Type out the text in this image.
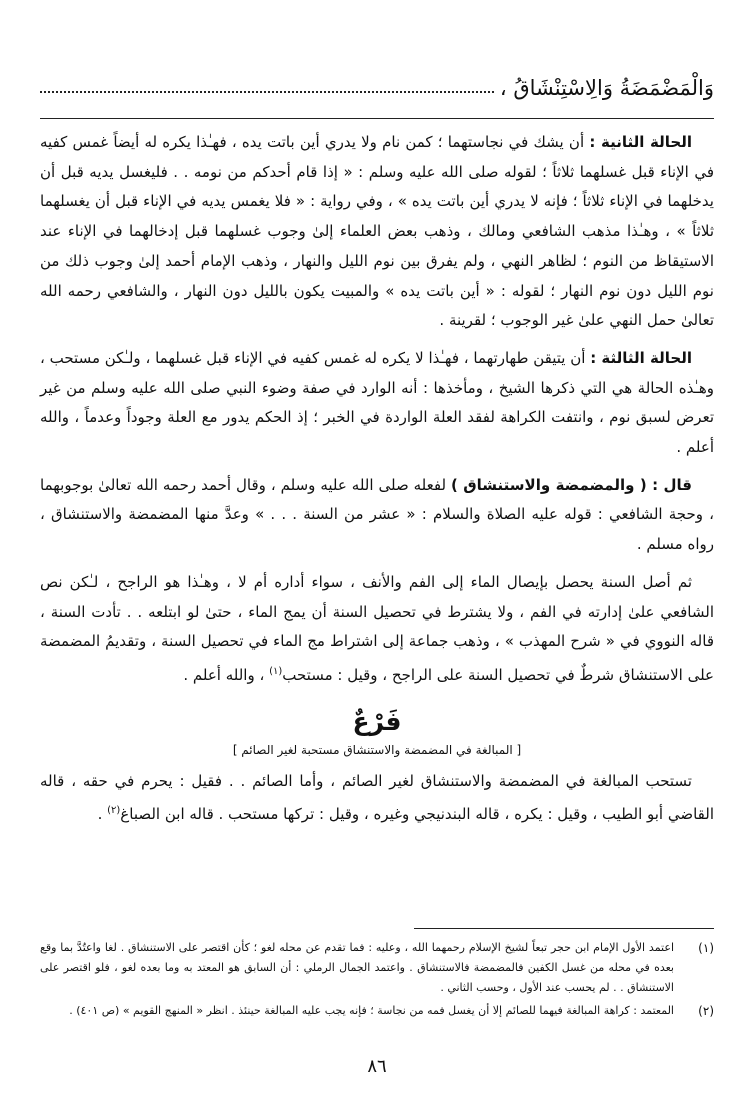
وَالْمَضْمَضَةُ وَالِاسْتِنْشَاقُ ،

الحالة الثانية : أن يشك في نجاستهما ؛ كمن نام ولا يدري أين باتت يده ، فهـٰذا يكره له أيضاً غمس كفيه في الإناء قبل غسلهما ثلاثاً ؛ لقوله صلى الله عليه وسلم : « إذا قام أحدكم من نومه . . فليغسل يديه قبل أن يدخلهما في الإناء ثلاثاً ؛ فإنه لا يدري أين باتت يده » ، وفي رواية : « فلا يغمس يديه في الإناء قبل أن يغسلهما ثلاثاً » ، وهـٰذا مذهب الشافعي ومالك ، وذهب بعض العلماء إلىٰ وجوب غسلهما قبل إدخالهما في الإناء عند الاستيقاظ من النوم ؛ لظاهر النهي ، ولم يفرق بين نوم الليل والنهار ، وذهب الإمام أحمد إلىٰ وجوب ذلك من نوم الليل دون نوم النهار ؛ لقوله : « أين باتت يده » والمبيت يكون بالليل دون النهار ، والشافعي رحمه الله تعالىٰ حمل النهي علىٰ غير الوجوب ؛ لقرينة .

الحالة الثالثة : أن يتيقن طهارتهما ، فهـٰذا لا يكره له غمس كفيه في الإناء قبل غسلهما ، ولـٰكن مستحب ، وهـٰذه الحالة هي التي ذكرها الشيخ ، ومأخذها : أنه الوارد في صفة وضوء النبي صلى الله عليه وسلم من غير تعرض لسبق نوم ، وانتفت الكراهة لفقد العلة الواردة في الخبر ؛ إذ الحكم يدور مع العلة وجوداً وعدماً ، والله أعلم .

قال : ( والمضمضة والاستنشاق ) لفعله صلى الله عليه وسلم ، وقال أحمد رحمه الله تعالىٰ بوجوبهما ، وحجة الشافعي : قوله عليه الصلاة والسلام : « عشر من السنة . . . » وعدَّ منها المضمضة والاستنشاق ، رواه مسلم .

ثم أصل السنة يحصل بإيصال الماء إلى الفم والأنف ، سواء أداره أم لا ، وهـٰذا هو الراجح ، لـٰكن نص الشافعي علىٰ إدارته في الفم ، ولا يشترط في تحصيل السنة أن يمج الماء ، حتىٰ لو ابتلعه . . تأدت السنة ، قاله النووي في « شرح المهذب » ، وذهب جماعة إلى اشتراط مج الماء في تحصيل السنة ، وتقديمُ المضمضة على الاستنشاق شرطٌ في تحصيل السنة على الراجح ، وقيل : مستحب$^{(١)}$ ، والله أعلم .

فَرْعٌ
[ المبالغة في المضمضة والاستنشاق مستحبة لغير الصائم ]

تستحب المبالغة في المضمضة والاستنشاق لغير الصائم ، وأما الصائم . . فقيل : يحرم في حقه ، قاله القاضي أبو الطيب ، وقيل : يكره ، قاله البندنيجي وغيره ، وقيل : تركها مستحب . قاله ابن الصباغ$^{(٢)}$ .

(١)
اعتمد الأول الإمام ابن حجر تبعاً لشيخ الإسلام رحمهما الله ، وعليه : فما تقدم عن محله لغو ؛ كأن اقتصر على الاستنشاق . لغا واعتُدَّ بما وقع بعده في محله من غسل الكفين فالمضمضة فالاستنشاق . واعتمد الجمال الرملي : أن السابق هو المعتد به وما بعده لغو ، فلو اقتصر على الاستنشاق . . لم يحسب عند الأول ، وحسب الثاني .
(٢)
المعتمد : كراهة المبالغة فيهما للصائم إلا أن يغسل فمه من نجاسة ؛ فإنه يجب عليه المبالغة حينئذ . انظر « المنهج القويم » (ص ٤٠١) .
٨٦
